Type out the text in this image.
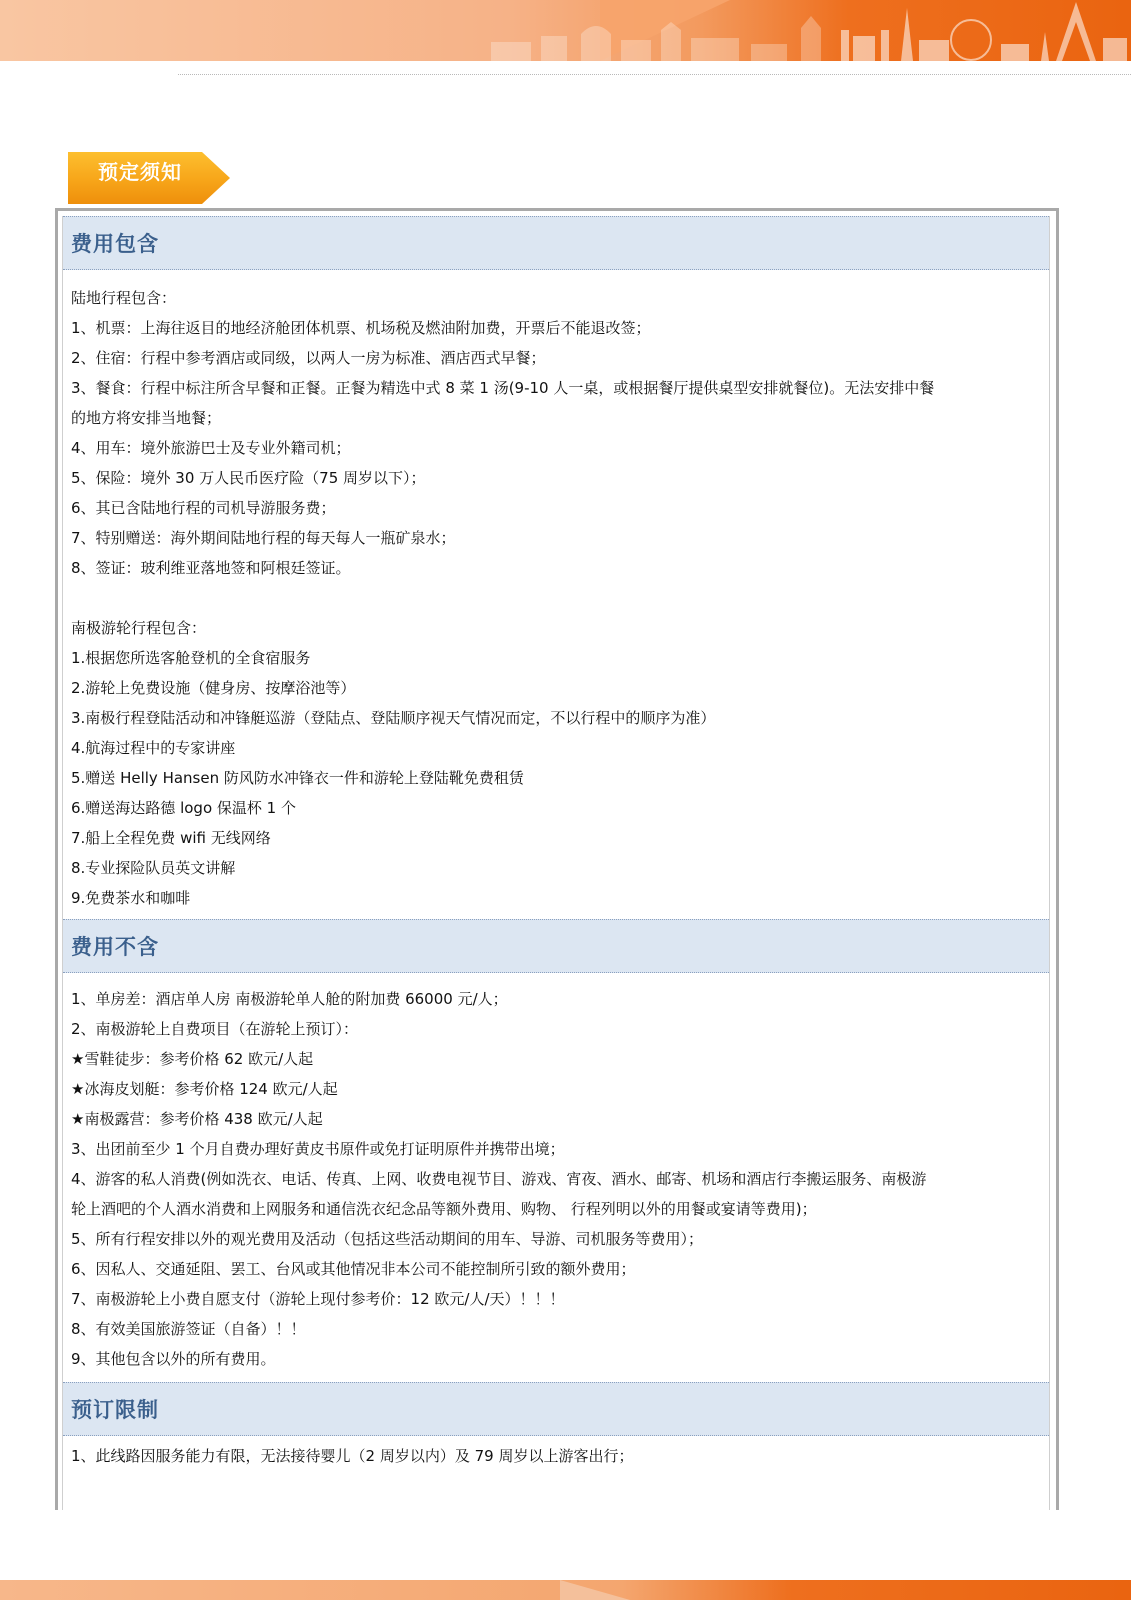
预定须知
费用包含
陆地行程包含：
1、机票：上海往返目的地经济舱团体机票、机场税及燃油附加费，开票后不能退改签；
2、住宿：行程中参考酒店或同级，以两人一房为标准、酒店西式早餐；
3、餐食：行程中标注所含早餐和正餐。正餐为精选中式 8 菜 1 汤(9-10 人一桌，或根据餐厅提供桌型安排就餐位)。无法安排中餐
的地方将安排当地餐；
4、用车：境外旅游巴士及专业外籍司机；
5、保险：境外 30 万人民币医疗险（75 周岁以下）；
6、其已含陆地行程的司机导游服务费；
7、特别赠送：海外期间陆地行程的每天每人一瓶矿泉水；
8、签证：玻利维亚落地签和阿根廷签证。
南极游轮行程包含：
1.根据您所选客舱登机的全食宿服务
2.游轮上免费设施（健身房、按摩浴池等）
3.南极行程登陆活动和冲锋艇巡游（登陆点、登陆顺序视天气情况而定，不以行程中的顺序为准）
4.航海过程中的专家讲座
5.赠送 Helly Hansen 防风防水冲锋衣一件和游轮上登陆靴免费租赁
6.赠送海达路德 logo 保温杯 1 个
7.船上全程免费 wifi 无线网络
8.专业探险队员英文讲解
9.免费茶水和咖啡
费用不含
1、单房差：酒店单人房 南极游轮单人舱的附加费 66000 元/人；
2、南极游轮上自费项目（在游轮上预订）：
★雪鞋徒步：参考价格 62 欧元/人起
★冰海皮划艇：参考价格 124 欧元/人起
★南极露营：参考价格 438 欧元/人起
3、出团前至少 1 个月自费办理好黄皮书原件或免打证明原件并携带出境；
4、游客的私人消费(例如洗衣、电话、传真、上网、收费电视节目、游戏、宵夜、酒水、邮寄、机场和酒店行李搬运服务、南极游
轮上酒吧的个人酒水消费和上网服务和通信洗衣纪念品等额外费用、购物、 行程列明以外的用餐或宴请等费用)；
5、所有行程安排以外的观光费用及活动（包括这些活动期间的用车、导游、司机服务等费用）；
6、因私人、交通延阻、罢工、台风或其他情况非本公司不能控制所引致的额外费用；
7、南极游轮上小费自愿支付（游轮上现付参考价：12 欧元/人/天）！！！
8、有效美国旅游签证（自备）！！
9、其他包含以外的所有费用。
预订限制
1、此线路因服务能力有限，无法接待婴儿（2 周岁以内）及 79 周岁以上游客出行；
